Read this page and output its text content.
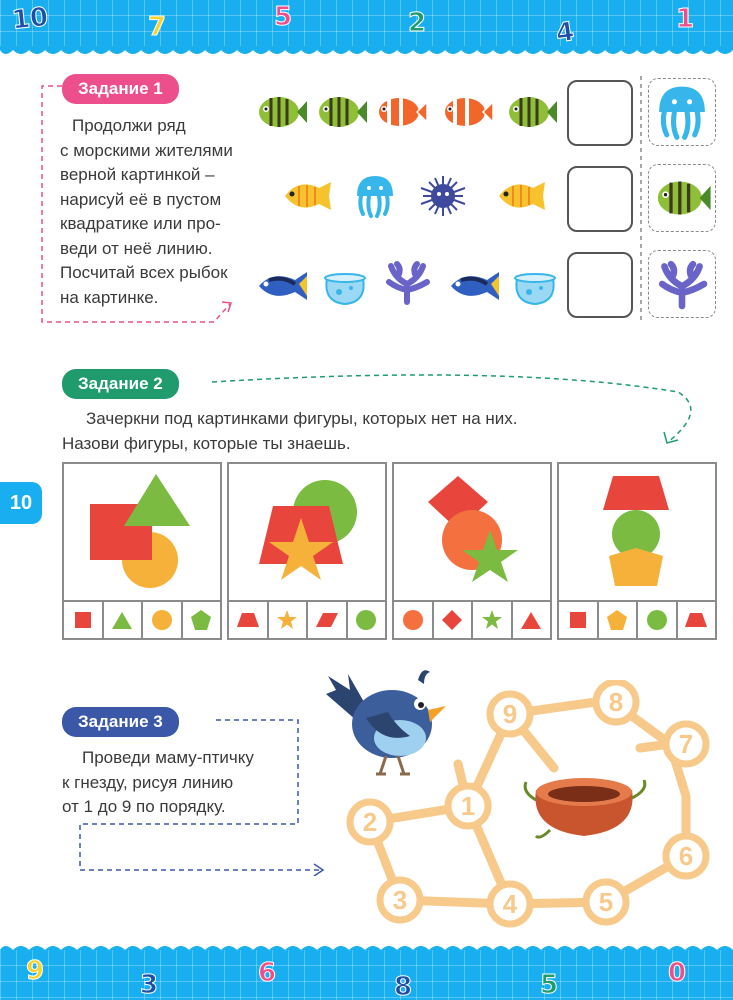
10	7	5	2	4	1
10
Задание 1
Продолжи ряд
с морскими жителями
верной картинкой –
нарисуй её в пустом
квадратике или про-
веди от неё линию.
Посчитай всех рыбок
на картинке.
Задание 2
Зачеркни под картинками фигуры, которых нет на них.
Назови фигуры, которые ты знаешь.
Задание 3
Проведи маму-птичку
к гнезду, рисуя линию
от 1 до 9 по порядку.	1
2
3	4	5
6
7
8
9
9	3	6	8	5	0
